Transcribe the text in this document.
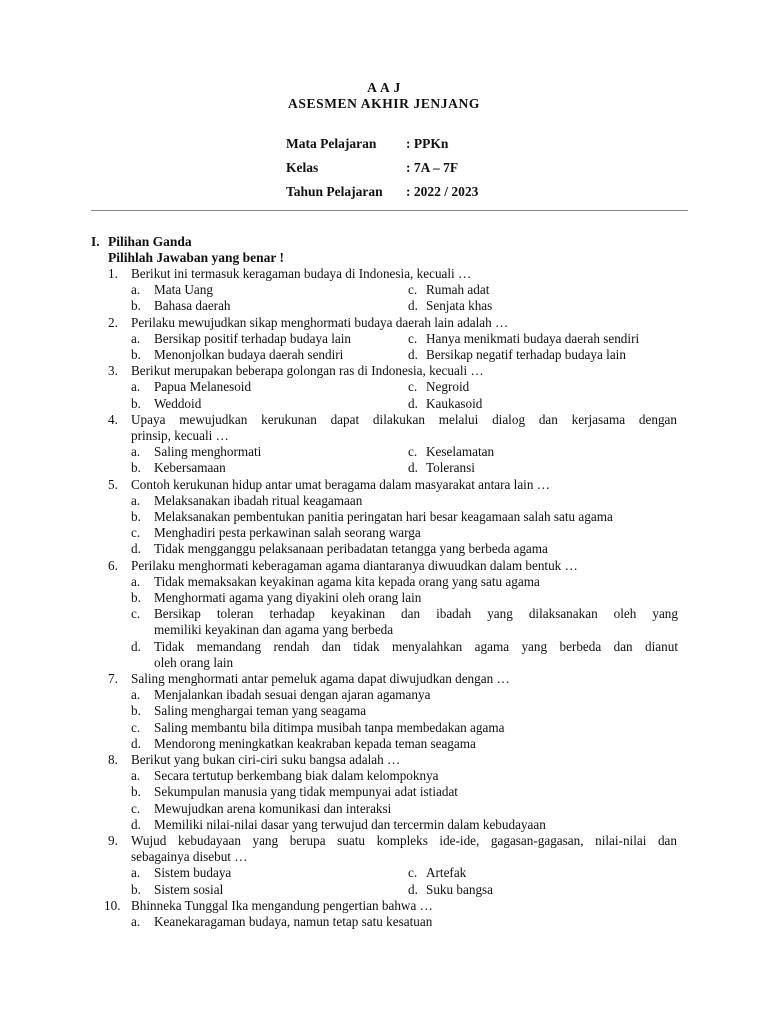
A A J
ASESMEN AKHIR JENJANG
Mata Pelajaran : PPKn
Kelas	: 7A – 7F
Tahun Pelajaran : 2022 / 2023
I. Pilihan Ganda
Pilihlah Jawaban yang benar !
1. Berikut ini termasuk keragaman budaya di Indonesia, kecuali …
a. Mata Uang	c. Rumah adat
b. Bahasa daerah	d. Senjata khas
2. Perilaku mewujudkan sikap menghormati budaya daerah lain adalah …
a. Bersikap positif terhadap budaya lain	c. Hanya menikmati budaya daerah sendiri
b. Menonjolkan budaya daerah sendiri	d. Bersikap negatif terhadap budaya lain
3. Berikut merupakan beberapa golongan ras di Indonesia, kecuali …
a. Papua Melanesoid	c. Negroid
b. Weddoid	d. Kaukasoid
4. Upaya mewujudkan kerukunan dapat dilakukan melalui dialog dan kerjasama dengan
prinsip, kecuali …
a. Saling menghormati	c. Keselamatan
b. Kebersamaan	d. Toleransi
5. Contoh kerukunan hidup antar umat beragama dalam masyarakat antara lain …
a. Melaksanakan ibadah ritual keagamaan
b. Melaksanakan pembentukan panitia peringatan hari besar keagamaan salah satu agama
c. Menghadiri pesta perkawinan salah seorang warga
d. Tidak mengganggu pelaksanaan peribadatan tetangga yang berbeda agama
6. Perilaku menghormati keberagaman agama diantaranya diwuudkan dalam bentuk …
a. Tidak memaksakan keyakinan agama kita kepada orang yang satu agama
b. Menghormati agama yang diyakini oleh orang lain
c. Bersikap toleran terhadap keyakinan dan ibadah yang dilaksanakan oleh yang
memiliki keyakinan dan agama yang berbeda
d. Tidak memandang rendah dan tidak menyalahkan agama yang berbeda dan dianut
oleh orang lain
7. Saling menghormati antar pemeluk agama dapat diwujudkan dengan …
a. Menjalankan ibadah sesuai dengan ajaran agamanya
b. Saling menghargai teman yang seagama
c. Saling membantu bila ditimpa musibah tanpa membedakan agama
d. Mendorong meningkatkan keakraban kepada teman seagama
8. Berikut yang bukan ciri-ciri suku bangsa adalah …
a. Secara tertutup berkembang biak dalam kelompoknya
b. Sekumpulan manusia yang tidak mempunyai adat istiadat
c. Mewujudkan arena komunikasi dan interaksi
d. Memiliki nilai-nilai dasar yang terwujud dan tercermin dalam kebudayaan
9. Wujud kebudayaan yang berupa suatu kompleks ide-ide, gagasan-gagasan, nilai-nilai dan
sebagainya disebut …
a. Sistem budaya	c. Artefak
b. Sistem sosial	d. Suku bangsa
10. Bhinneka Tunggal Ika mengandung pengertian bahwa …
a. Keanekaragaman budaya, namun tetap satu kesatuan
